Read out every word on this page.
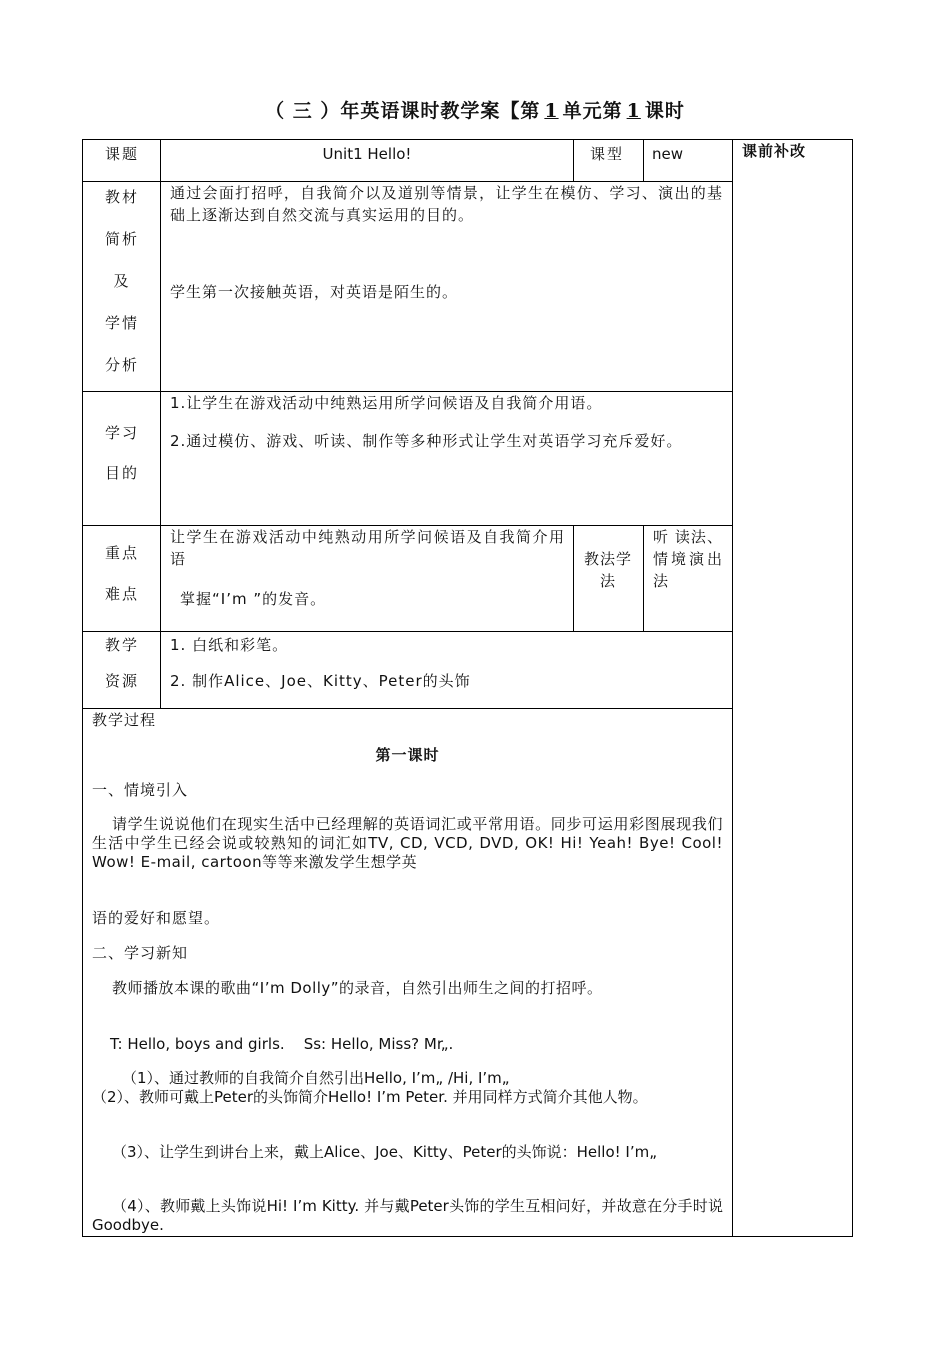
（ 三 ）年英语课时教学案【第 1 单元第 1 课时
课前补改
课题	Unit1 Hello!	课型 new
教材
简析
及
学情
分析
通过会面打招呼，自我简介以及道别等情景，让学生在模仿、学习、演出的基础上逐渐达到自然交流与真实运用的目的。
学生第一次接触英语，对英语是陌生的。
学习
目的
1.让学生在游戏活动中纯熟运用所学问候语及自我简介用语。
2.通过模仿、游戏、听读、制作等多种形式让学生对英语学习充斥爱好。
重点
难点
让学生在游戏活动中纯熟动用所学问候语及自我简介用语
掌握“I’m ”的发音。
教法学法
听 读法、情境演出法
教学
资源
1. 白纸和彩笔。
2. 制作Alice、Joe、Kitty、Peter的头饰
教学过程
第一课时
一、情境引入
请学生说说他们在现实生活中已经理解的英语词汇或平常用语。同步可运用彩图展现我们生活中学生已经会说或较熟知的词汇如TV, CD, VCD, DVD, OK! Hi! Yeah! Bye! Cool! Wow! E-mail, cartoon等等来激发学生想学英
语的爱好和愿望。
二、学习新知
教师播放本课的歌曲“I’m Dolly”的录音，自然引出师生之间的打招呼。
T: Hello, boys and girls.    Ss: Hello, Miss? Mr„.
（1）、通过教师的自我简介自然引出Hello, I’m„ /Hi, I’m„
（2）、教师可戴上Peter的头饰简介Hello! I’m Peter. 并用同样方式简介其他人物。
（3）、让学生到讲台上来，戴上Alice、Joe、Kitty、Peter的头饰说：Hello! I’m„
（4）、教师戴上头饰说Hi! I’m Kitty. 并与戴Peter头饰的学生互相问好，并故意在分手时说Goodbye.
